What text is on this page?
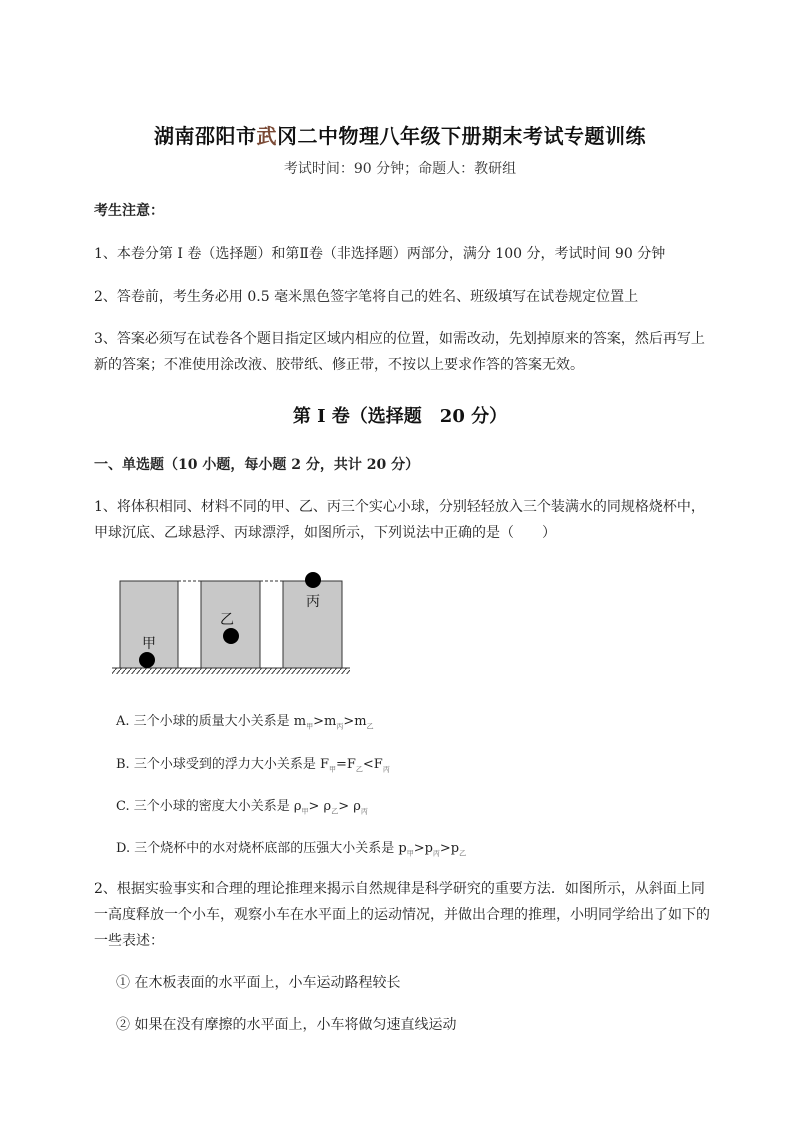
湖南邵阳市武冈二中物理八年级下册期末考试专题训练
考试时间：90 分钟；命题人：教研组
考生注意：
1、本卷分第 I 卷（选择题）和第Ⅱ卷（非选择题）两部分，满分 100 分，考试时间 90 分钟
2、答卷前，考生务必用 0.5 毫米黑色签字笔将自己的姓名、班级填写在试卷规定位置上
3、答案必须写在试卷各个题目指定区域内相应的位置，如需改动，先划掉原来的答案，然后再写上新的答案；不准使用涂改液、胶带纸、修正带，不按以上要求作答的答案无效。
第 I 卷（选择题　20 分）
一、单选题（10 小题，每小题 2 分，共计 20 分）
1、将体积相同、材料不同的甲、乙、丙三个实心小球，分别轻轻放入三个装满水的同规格烧杯中，甲球沉底、乙球悬浮、丙球漂浮，如图所示，下列说法中正确的是（　　）
甲
乙
丙
A. 三个小球的质量大小关系是 $m_甲>m_丙>m_乙$
B. 三个小球受到的浮力大小关系是 $F_甲=F_乙<F_丙$
C. 三个小球的密度大小关系是 $\rho_甲> \rho_乙> \rho_丙$
D. 三个烧杯中的水对烧杯底部的压强大小关系是 $p_甲>p_丙>p_乙$
2、根据实验事实和合理的理论推理来揭示自然规律是科学研究的重要方法．如图所示，从斜面上同一高度释放一个小车，观察小车在水平面上的运动情况，并做出合理的推理，小明同学给出了如下的一些表述：
① 在木板表面的水平面上，小车运动路程较长
② 如果在没有摩擦的水平面上，小车将做匀速直线运动
